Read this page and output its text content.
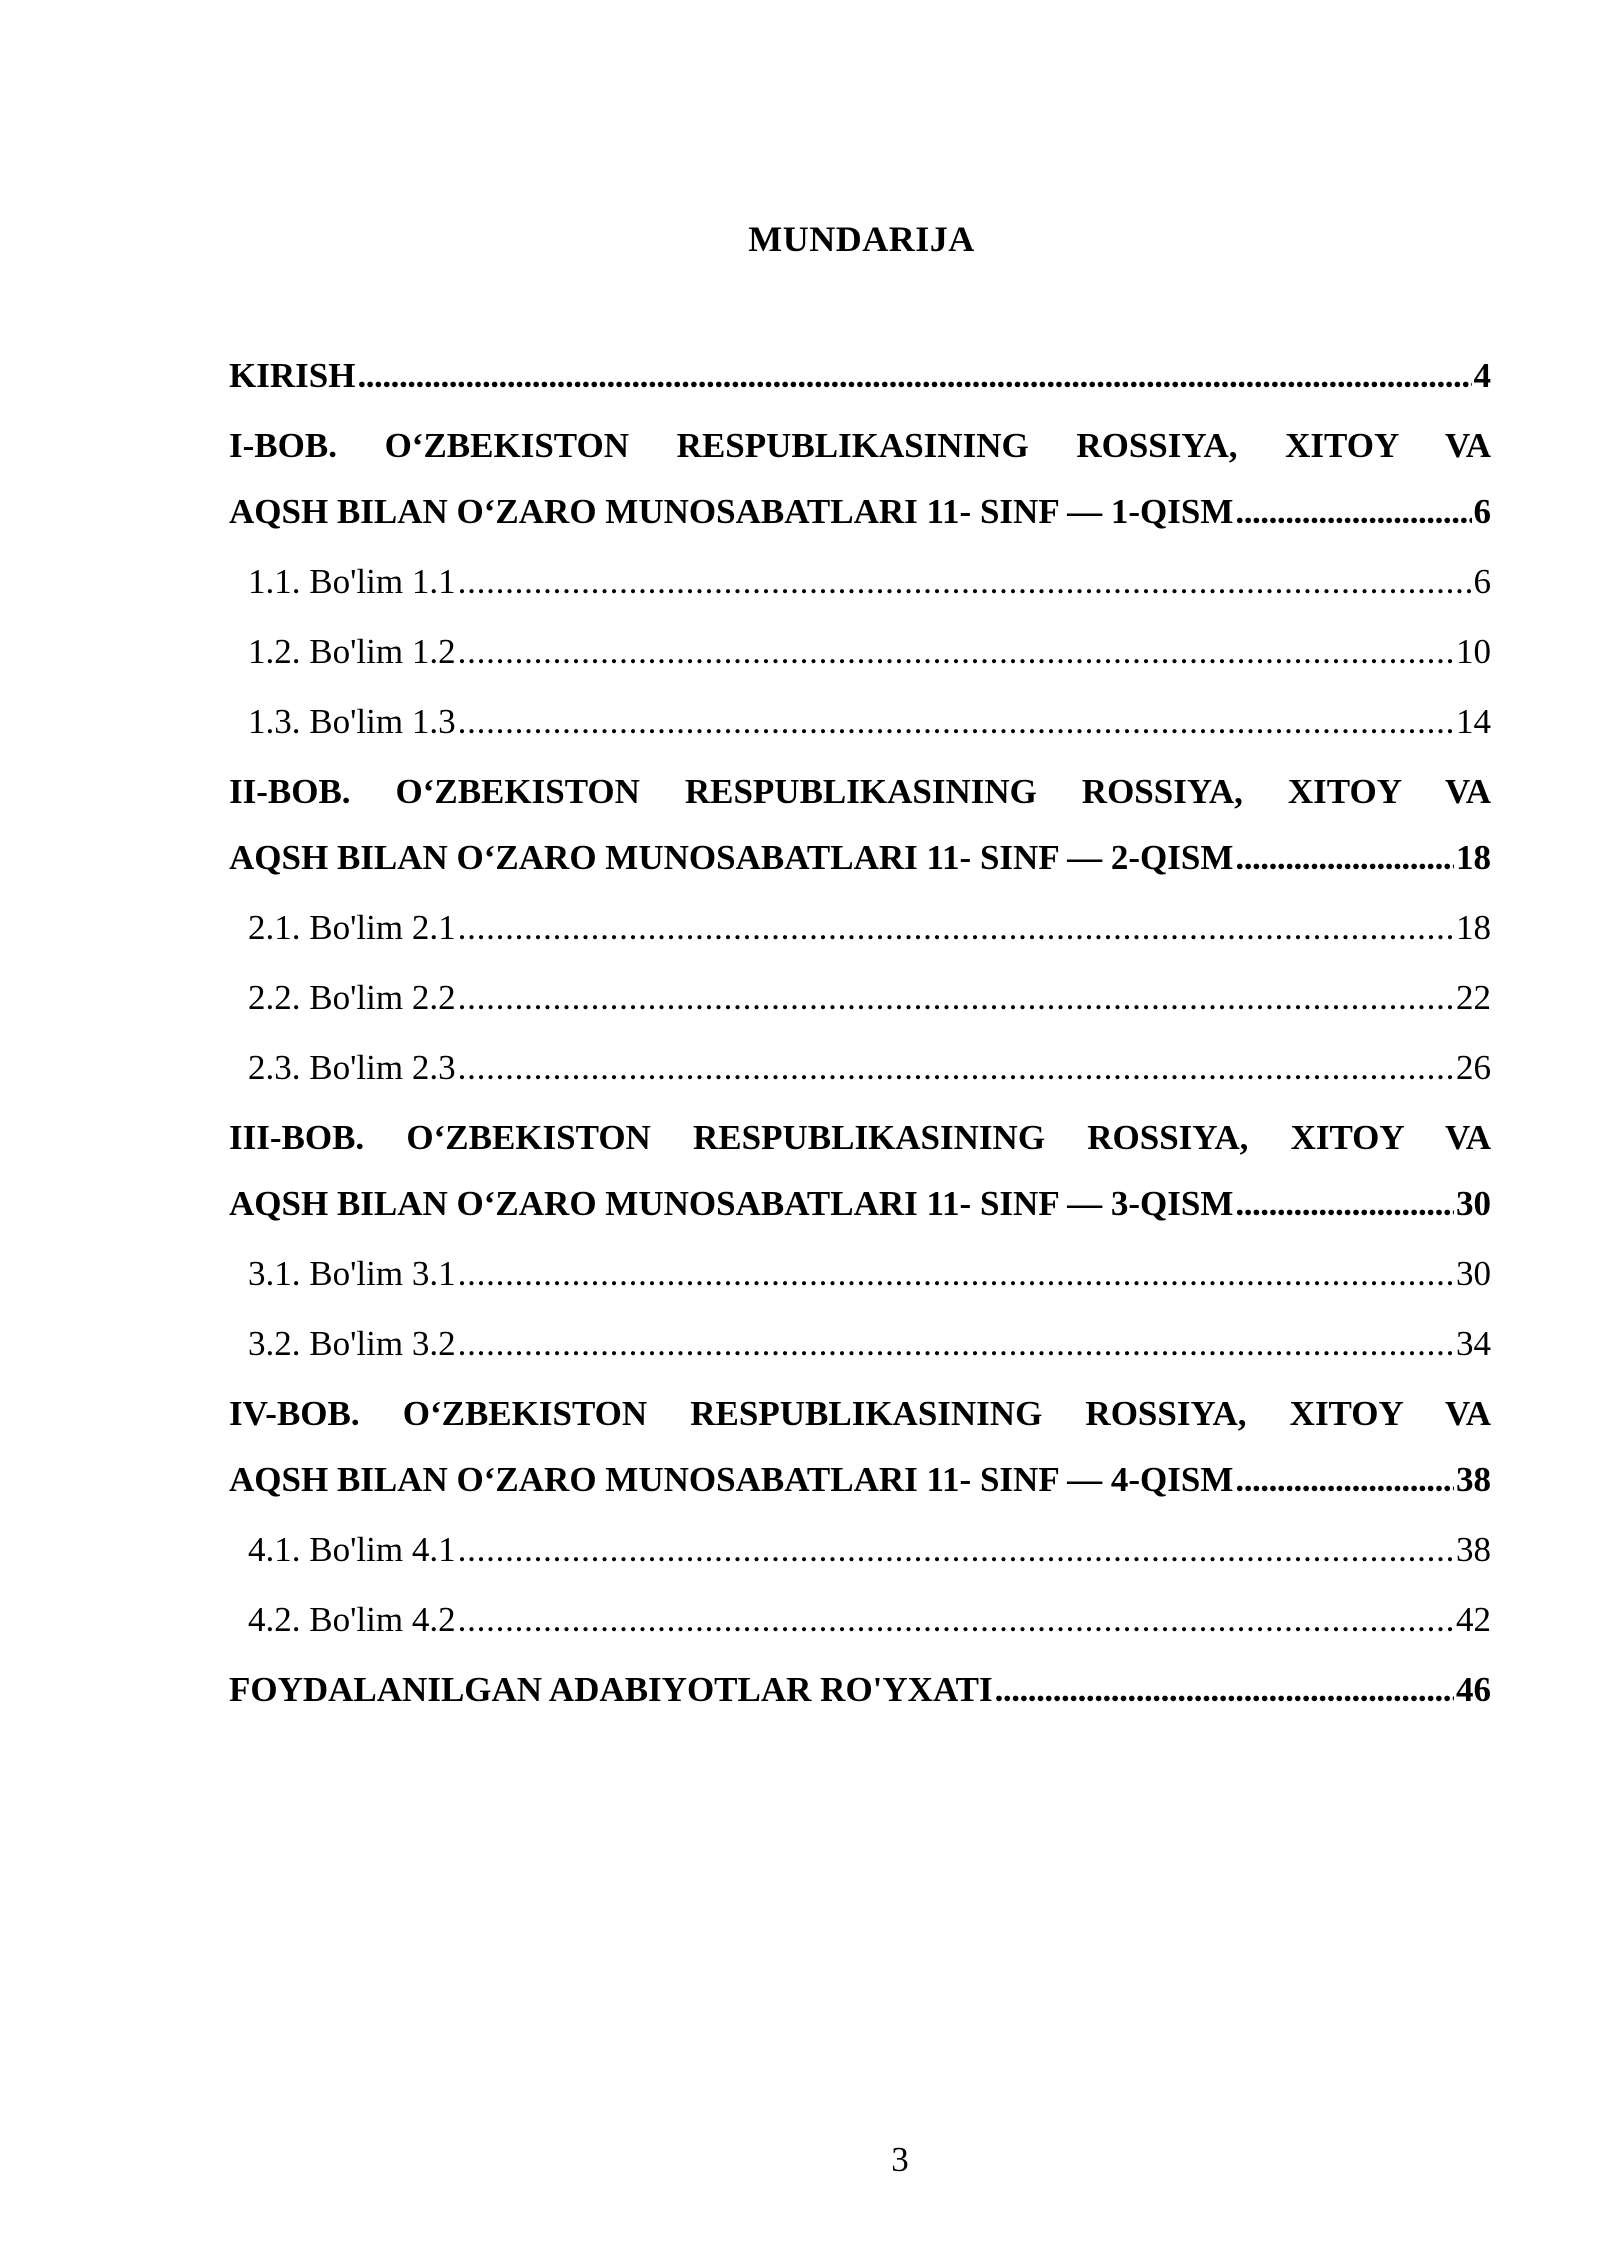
MUNDARIJA
KIRISH . . .	4
I-BOB. O‘ZBEKISTON RESPUBLIKASINING ROSSIYA, XITOY VA
AQSH BILAN O‘ZARO MUNOSABATLARI 11- SINF — 1-QISM . . .	6
1.1. Bo'lim 1.1 . . .	6
1.2. Bo'lim 1.2 . . .	10
1.3. Bo'lim 1.3 . . .	14
II-BOB. O‘ZBEKISTON RESPUBLIKASINING ROSSIYA, XITOY VA
AQSH BILAN O‘ZARO MUNOSABATLARI 11- SINF — 2-QISM . . .	18
2.1. Bo'lim 2.1 . . .	18
2.2. Bo'lim 2.2 . . .	22
2.3. Bo'lim 2.3 . . .	26
III-BOB. O‘ZBEKISTON RESPUBLIKASINING ROSSIYA, XITOY VA
AQSH BILAN O‘ZARO MUNOSABATLARI 11- SINF — 3-QISM . . .	30
3.1. Bo'lim 3.1 . . .	30
3.2. Bo'lim 3.2 . . .	34
IV-BOB. O‘ZBEKISTON RESPUBLIKASINING ROSSIYA, XITOY VA
AQSH BILAN O‘ZARO MUNOSABATLARI 11- SINF — 4-QISM . . .	38
4.1. Bo'lim 4.1 . . .	38
4.2. Bo'lim 4.2 . . .	42
FOYDALANILGAN ADABIYOTLAR RO'YXATI . . .	46
3
